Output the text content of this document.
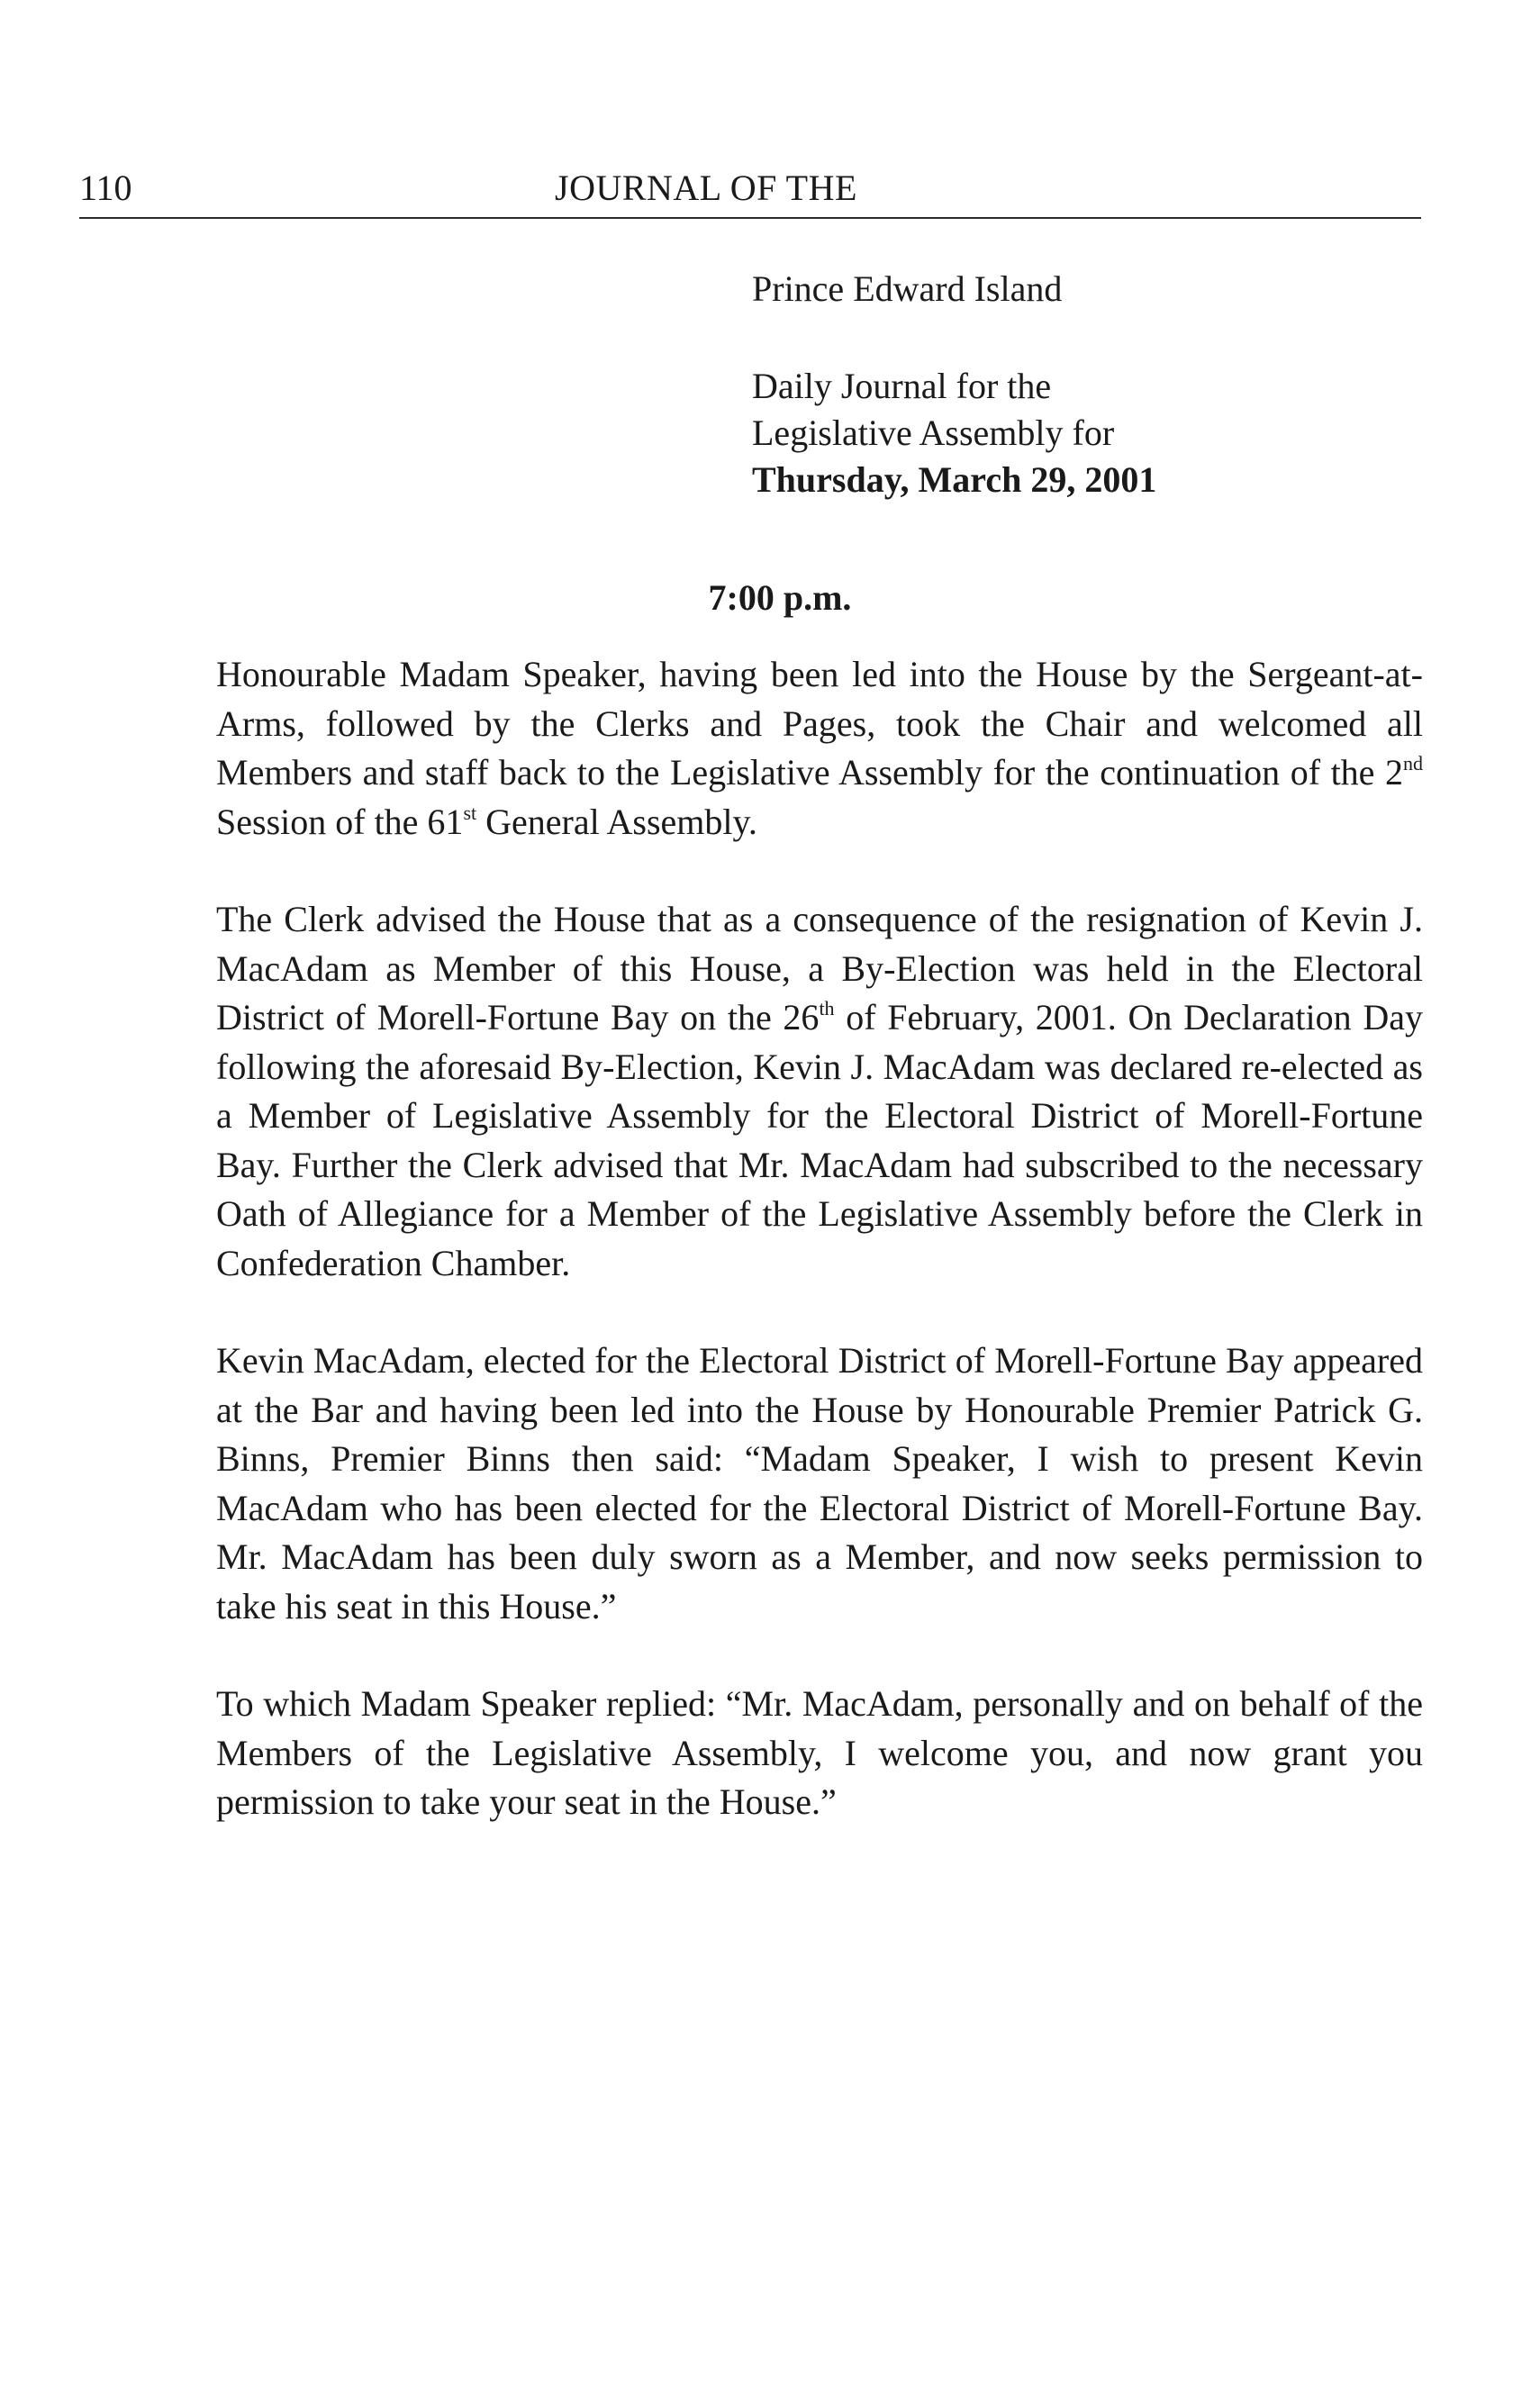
110	JOURNAL OF THE
Prince Edward Island
Daily Journal for the
Legislative Assembly for
Thursday, March 29, 2001
7:00 p.m.

Honourable Madam Speaker, having been led into the House by the Sergeant-at-Arms, followed by the Clerks and Pages, took the Chair and welcomed all Members and staff back to the Legislative Assembly for the continuation of the 2nd Session of the 61st General Assembly.

The Clerk advised the House that as a consequence of the resignation of Kevin J. MacAdam as Member of this House, a By-Election was held in the Electoral District of Morell-Fortune Bay on the 26th of February, 2001. On Declaration Day following the aforesaid By-Election, Kevin J. MacAdam was declared re-elected as a Member of Legislative Assembly for the Electoral District of Morell-Fortune Bay. Further the Clerk advised that Mr. MacAdam had subscribed to the necessary Oath of Allegiance for a Member of the Legislative Assembly before the Clerk in Confederation Chamber.

Kevin MacAdam, elected for the Electoral District of Morell-Fortune Bay appeared at the Bar and having been led into the House by Honourable Premier Patrick G. Binns, Premier Binns then said: “Madam Speaker, I wish to present Kevin MacAdam who has been elected for the Electoral District of Morell-Fortune Bay. Mr. MacAdam has been duly sworn as a Member, and now seeks permission to take his seat in this House.”

To which Madam Speaker replied: “Mr. MacAdam, personally and on behalf of the Members of the Legislative Assembly, I welcome you, and now grant you permission to take your seat in the House.”
